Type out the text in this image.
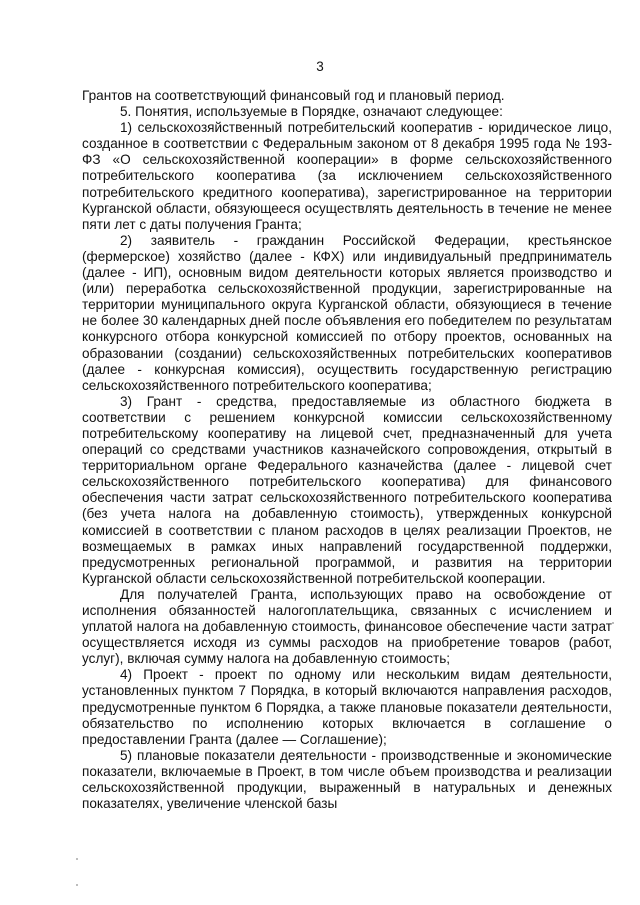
3

Грантов на соответствующий финансовый год и плановый период.

5. Понятия, используемые в Порядке, означают следующее:

1) сельскохозяйственный потребительский кооператив - юридическое лицо, созданное в соответствии с Федеральным законом от 8 декабря 1995 года № 193-ФЗ «О сельскохозяйственной кооперации» в форме сельскохозяйственного потребительского кооператива (за исключением сельскохозяйственного потребительского кредитного кооператива), зарегистрированное на территории Курганской области, обязующееся осуществлять деятельность в течение не менее пяти лет с даты получения Гранта;

2) заявитель - гражданин Российской Федерации, крестьянское (фермерское) хозяйство (далее - КФХ) или индивидуальный предприниматель (далее - ИП), основным видом деятельности которых является производство и (или) переработка сельскохозяйственной продукции, зарегистрированные на территории муниципального округа Курганской области, обязующиеся в течение не более 30 календарных дней после объявления его победителем по результатам конкурсного отбора конкурсной комиссией по отбору проектов, основанных на образовании (создании) сельскохозяйственных потребительских кооперативов (далее - конкурсная комиссия), осуществить государственную регистрацию сельскохозяйственного потребительского кооператива;

3) Грант - средства, предоставляемые из областного бюджета в соответствии с решением конкурсной комиссии сельскохозяйственному потребительскому кооперативу на лицевой счет, предназначенный для учета операций со средствами участников казначейского сопровождения, открытый в территориальном органе Федерального казначейства (далее - лицевой счет сельскохозяйственного потребительского кооператива) для финансового обеспечения части затрат сельскохозяйственного потребительского кооператива (без учета налога на добавленную стоимость), утвержденных конкурсной комиссией в соответствии с планом расходов в целях реализации Проектов, не возмещаемых в рамках иных направлений государственной поддержки, предусмотренных региональной программой, и развития на территории Курганской области сельскохозяйственной потребительской кооперации.

Для получателей Гранта, использующих право на освобождение от исполнения обязанностей налогоплательщика, связанных с исчислением и уплатой налога на добавленную стоимость, финансовое обеспечение части затрат осуществляется исходя из суммы расходов на приобретение товаров (работ, услуг), включая сумму налога на добавленную стоимость;

4) Проект - проект по одному или нескольким видам деятельности, установленных пунктом 7 Порядка, в который включаются направления расходов, предусмотренные пунктом 6 Порядка, а также плановые показатели деятельности, обязательство по исполнению которых включается в соглашение о предоставлении Гранта (далее — Соглашение);

5) плановые показатели деятельности - производственные и экономические показатели, включаемые в Проект, в том числе объем производства и реализации сельскохозяйственной продукции, выраженный в натуральных и денежных показателях, увеличение членской базы
